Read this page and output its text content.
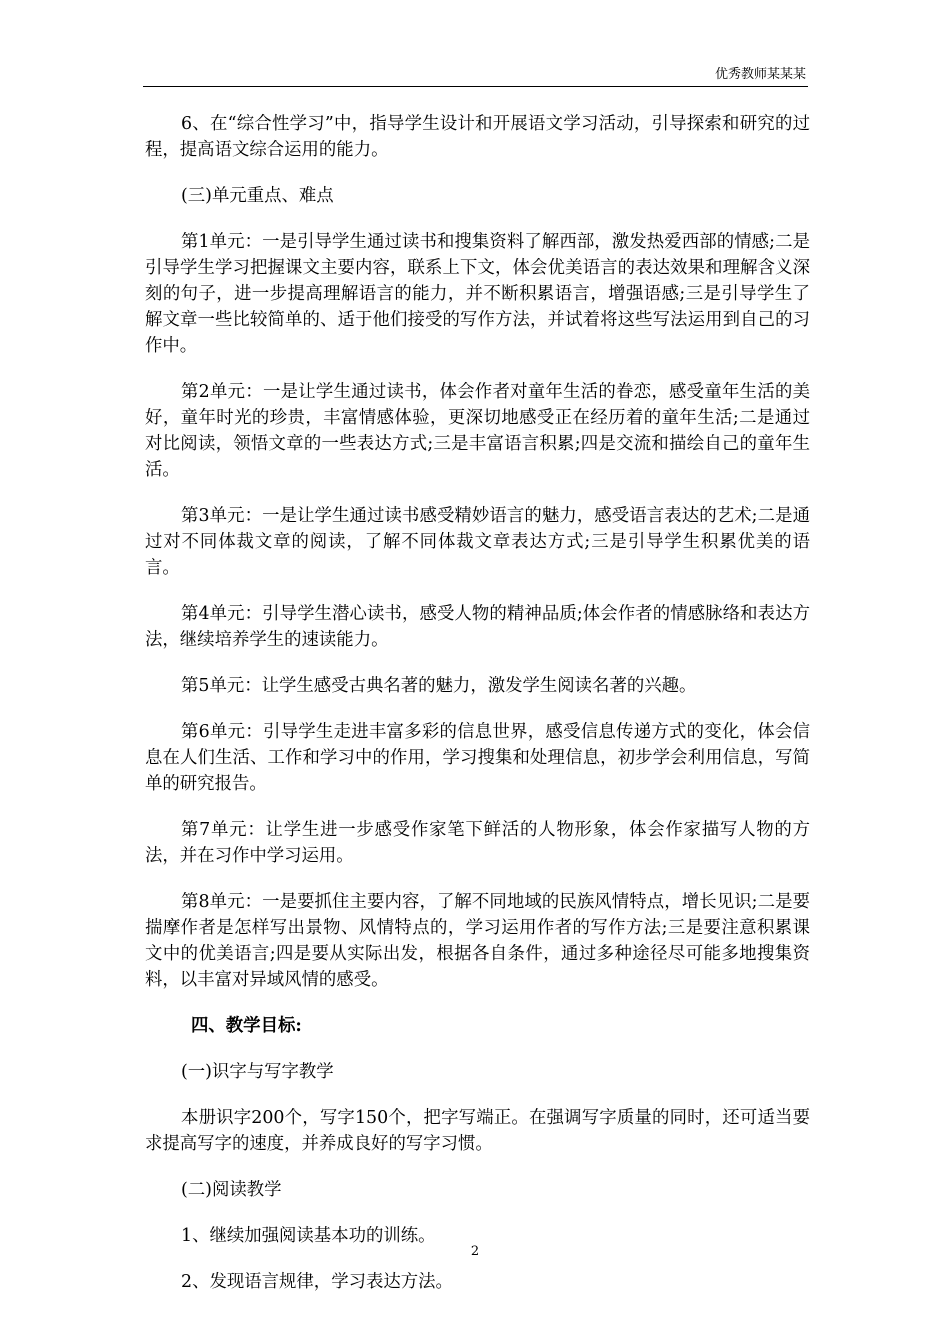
优秀教师某某某

6、在“综合性学习”中，指导学生设计和开展语文学习活动，引导探索和研究的过程，提高语文综合运用的能力。

(三)单元重点、难点

第1单元：一是引导学生通过读书和搜集资料了解西部，激发热爱西部的情感;二是引导学生学习把握课文主要内容，联系上下文，体会优美语言的表达效果和理解含义深刻的句子，进一步提高理解语言的能力，并不断积累语言，增强语感;三是引导学生了解文章一些比较简单的、适于他们接受的写作方法，并试着将这些写法运用到自己的习作中。

第2单元：一是让学生通过读书，体会作者对童年生活的眷恋，感受童年生活的美好，童年时光的珍贵，丰富情感体验，更深切地感受正在经历着的童年生活;二是通过对比阅读，领悟文章的一些表达方式;三是丰富语言积累;四是交流和描绘自己的童年生活。

第3单元：一是让学生通过读书感受精妙语言的魅力，感受语言表达的艺术;二是通过对不同体裁文章的阅读，了解不同体裁文章表达方式;三是引导学生积累优美的语言。

第4单元：引导学生潜心读书，感受人物的精神品质;体会作者的情感脉络和表达方法，继续培养学生的速读能力。

第5单元：让学生感受古典名著的魅力，激发学生阅读名著的兴趣。

第6单元：引导学生走进丰富多彩的信息世界，感受信息传递方式的变化，体会信息在人们生活、工作和学习中的作用，学习搜集和处理信息，初步学会利用信息，写简单的研究报告。

第7单元：让学生进一步感受作家笔下鲜活的人物形象，体会作家描写人物的方法，并在习作中学习运用。

第8单元：一是要抓住主要内容，了解不同地域的民族风情特点，增长见识;二是要揣摩作者是怎样写出景物、风情特点的，学习运用作者的写作方法;三是要注意积累课文中的优美语言;四是要从实际出发，根据各自条件，通过多种途径尽可能多地搜集资料，以丰富对异域风情的感受。

四、教学目标:

(一)识字与写字教学

本册识字200个，写字150个，把字写端正。在强调写字质量的同时，还可适当要求提高写字的速度，并养成良好的写字习惯。

(二)阅读教学

1、继续加强阅读基本功的训练。

2、发现语言规律，学习表达方法。

2
